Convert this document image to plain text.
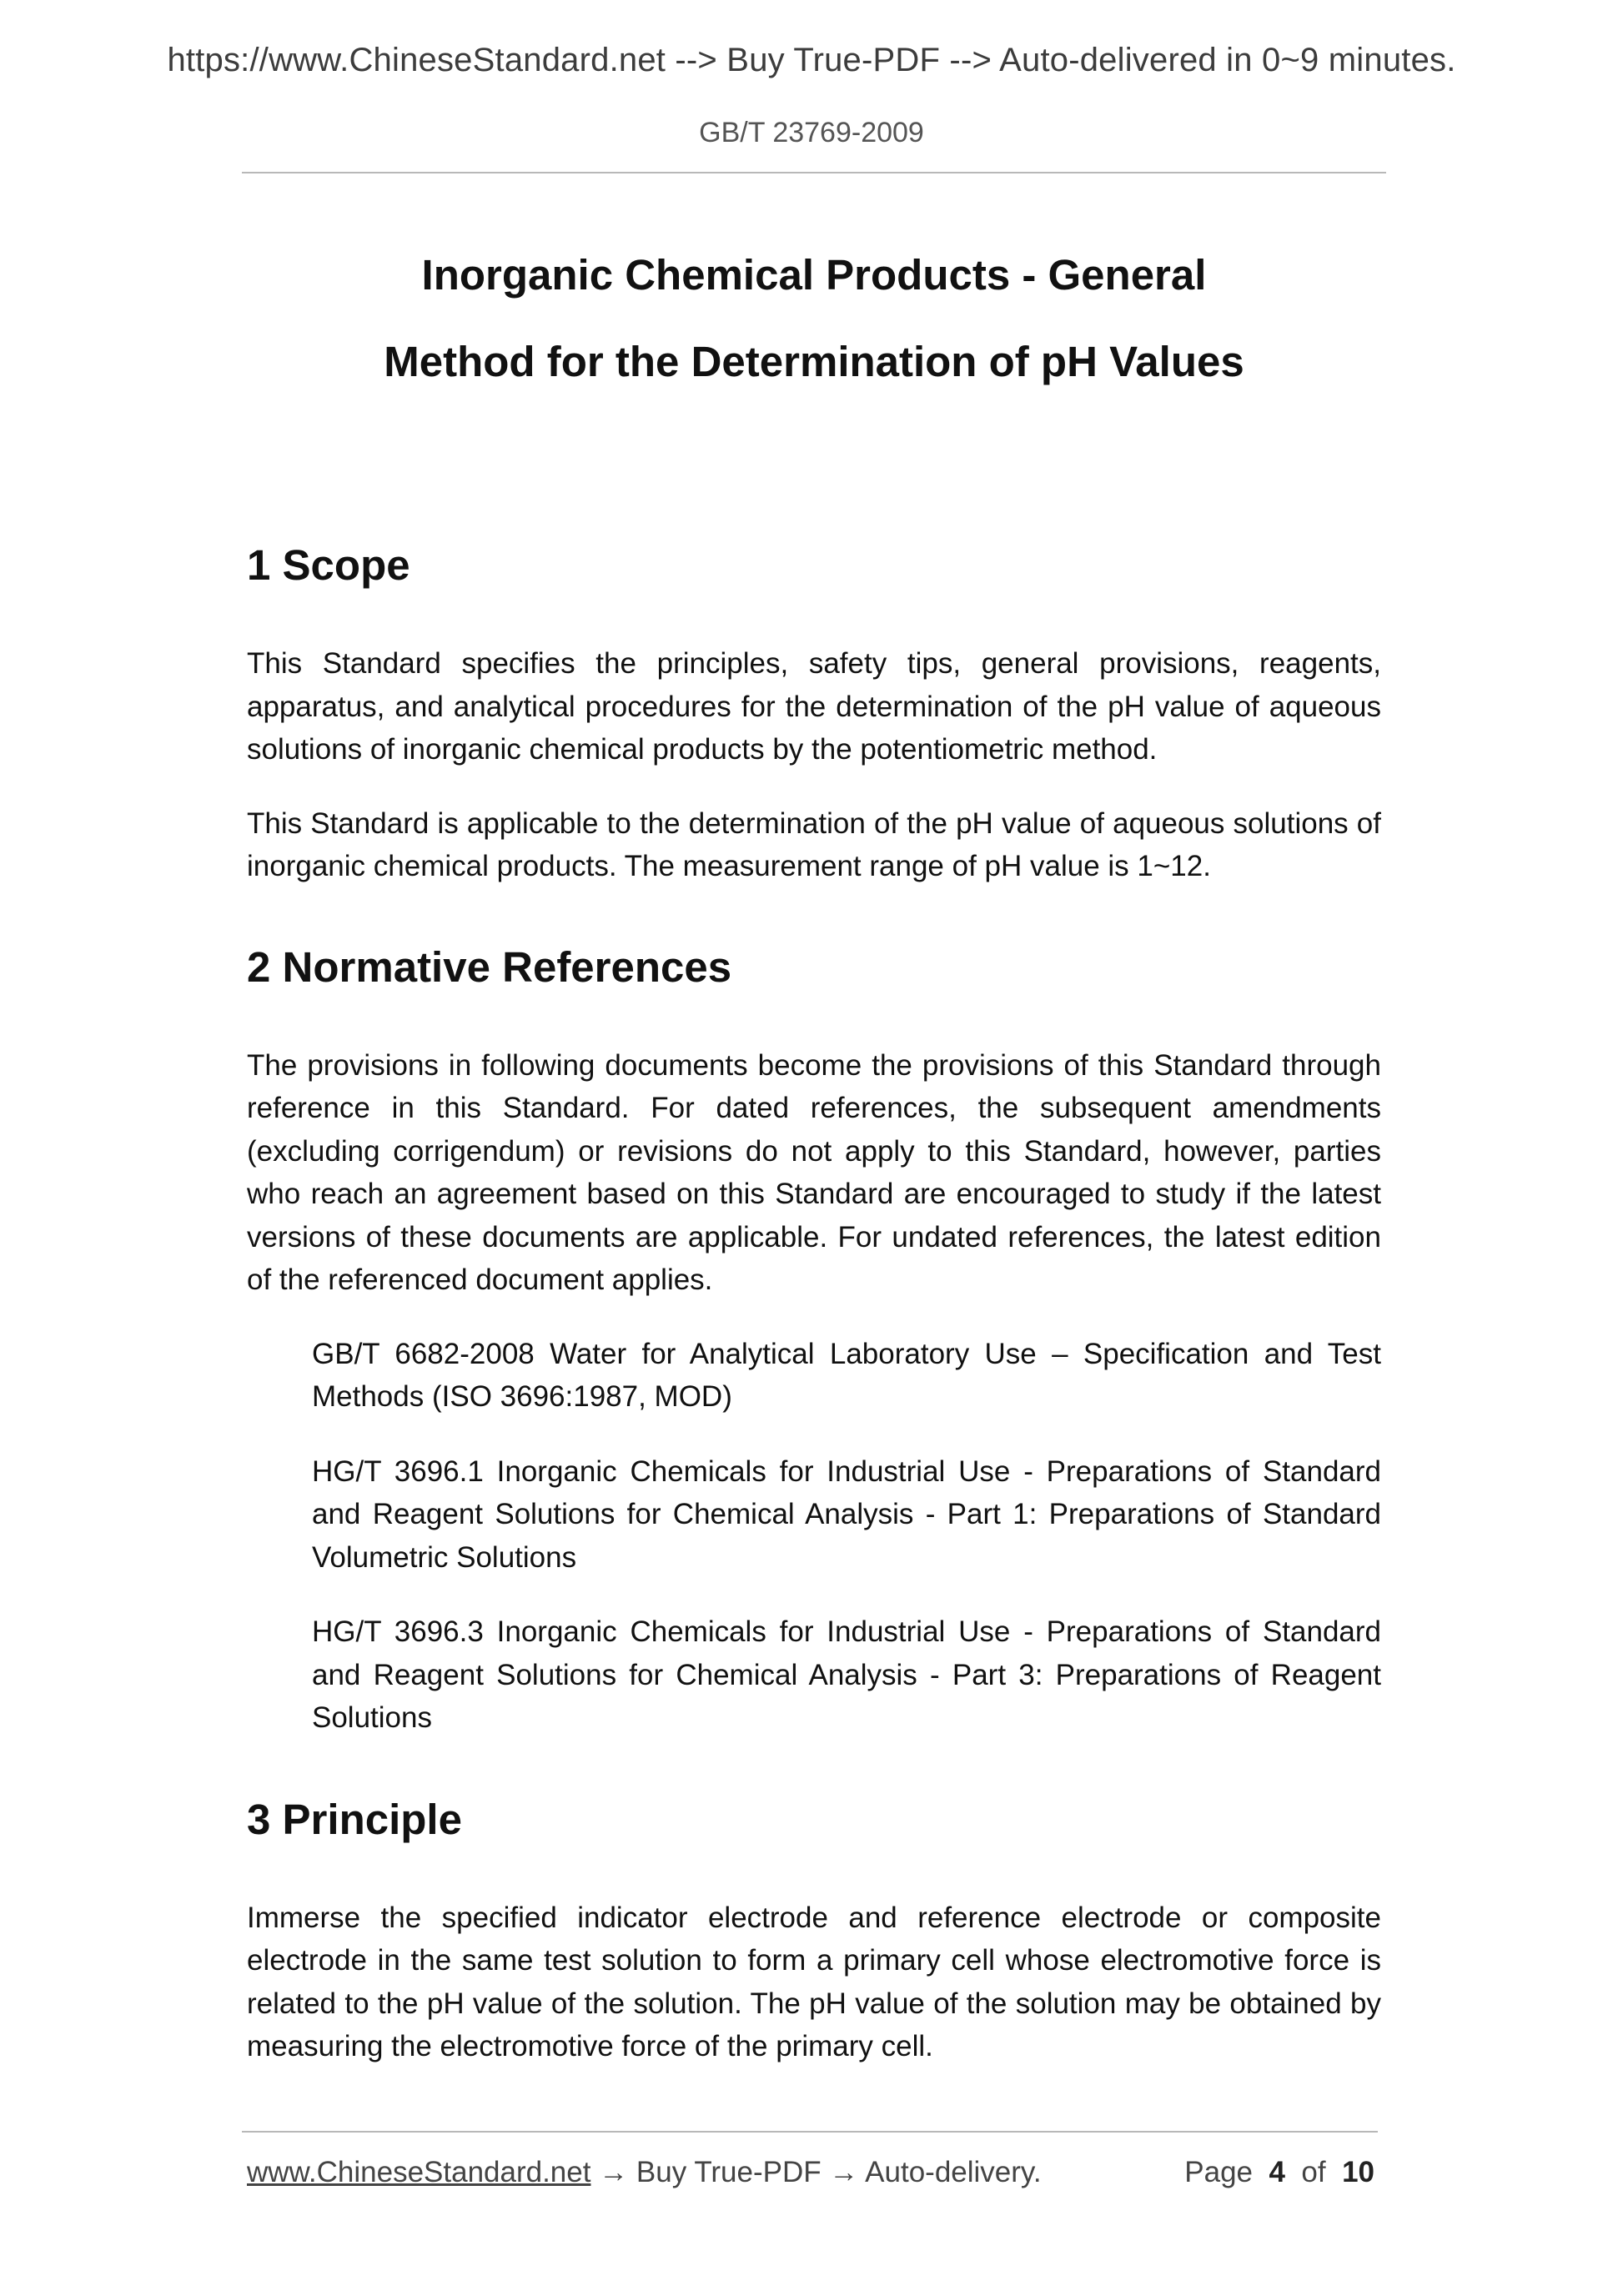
https://www.ChineseStandard.net --> Buy True-PDF --> Auto-delivered in 0~9 minutes.
GB/T 23769-2009
Inorganic Chemical Products - General
Method for the Determination of pH Values
1 Scope

This Standard specifies the principles, safety tips, general provisions, reagents, apparatus, and analytical procedures for the determination of the pH value of aqueous solutions of inorganic chemical products by the potentiometric method.

This Standard is applicable to the determination of the pH value of aqueous solutions of inorganic chemical products. The measurement range of pH value is 1~12.

2 Normative References

The provisions in following documents become the provisions of this Standard through reference in this Standard. For dated references, the subsequent amendments (excluding corrigendum) or revisions do not apply to this Standard, however, parties who reach an agreement based on this Standard are encouraged to study if the latest versions of these documents are applicable. For undated references, the latest edition of the referenced document applies.

GB/T 6682-2008 Water for Analytical Laboratory Use – Specification and Test Methods (ISO 3696:1987, MOD)

HG/T 3696.1 Inorganic Chemicals for Industrial Use - Preparations of Standard and Reagent Solutions for Chemical Analysis - Part 1: Preparations of Standard Volumetric Solutions

HG/T 3696.3 Inorganic Chemicals for Industrial Use - Preparations of Standard and Reagent Solutions for Chemical Analysis - Part 3: Preparations of Reagent Solutions

3 Principle

Immerse the specified indicator electrode and reference electrode or composite electrode in the same test solution to form a primary cell whose electromotive force is related to the pH value of the solution. The pH value of the solution may be obtained by measuring the electromotive force of the primary cell.

www.ChineseStandard.net → Buy True-PDF → Auto-delivery.	Page 4 of 10
